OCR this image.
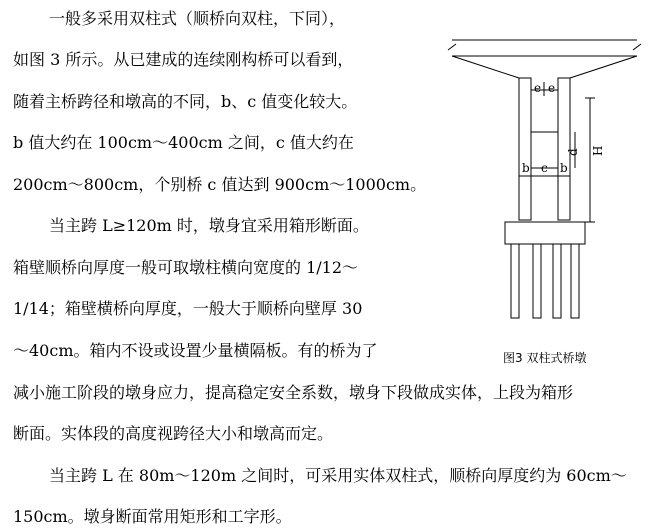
一般多采用双柱式（顺桥向双柱，下同），
如图 3 所示。从已建成的连续刚构桥可以看到，
随着主桥跨径和墩高的不同，b、c 值变化较大。
b 值大约在 100cm～400cm 之间，c 值大约在
200cm～800cm，个别桥 c 值达到 900cm～1000cm。
当主跨 L≥120m 时，墩身宜采用箱形断面。
箱壁顺桥向厚度一般可取墩柱横向宽度的 1/12～
1/14；箱壁横桥向厚度，一般大于顺桥向壁厚 30
～40cm。箱内不设或设置少量横隔板。有的桥为了
减小施工阶段的墩身应力，提高稳定安全系数，墩身下段做成实体，上段为箱形
断面。实体段的高度视跨径大小和墩高而定。
当主跨 L 在 80m～120m 之间时，可采用实体双柱式，顺桥向厚度约为 60cm～
150cm。墩身断面常用矩形和工字形。
e e
d H
b c b
图3 双柱式桥墩
